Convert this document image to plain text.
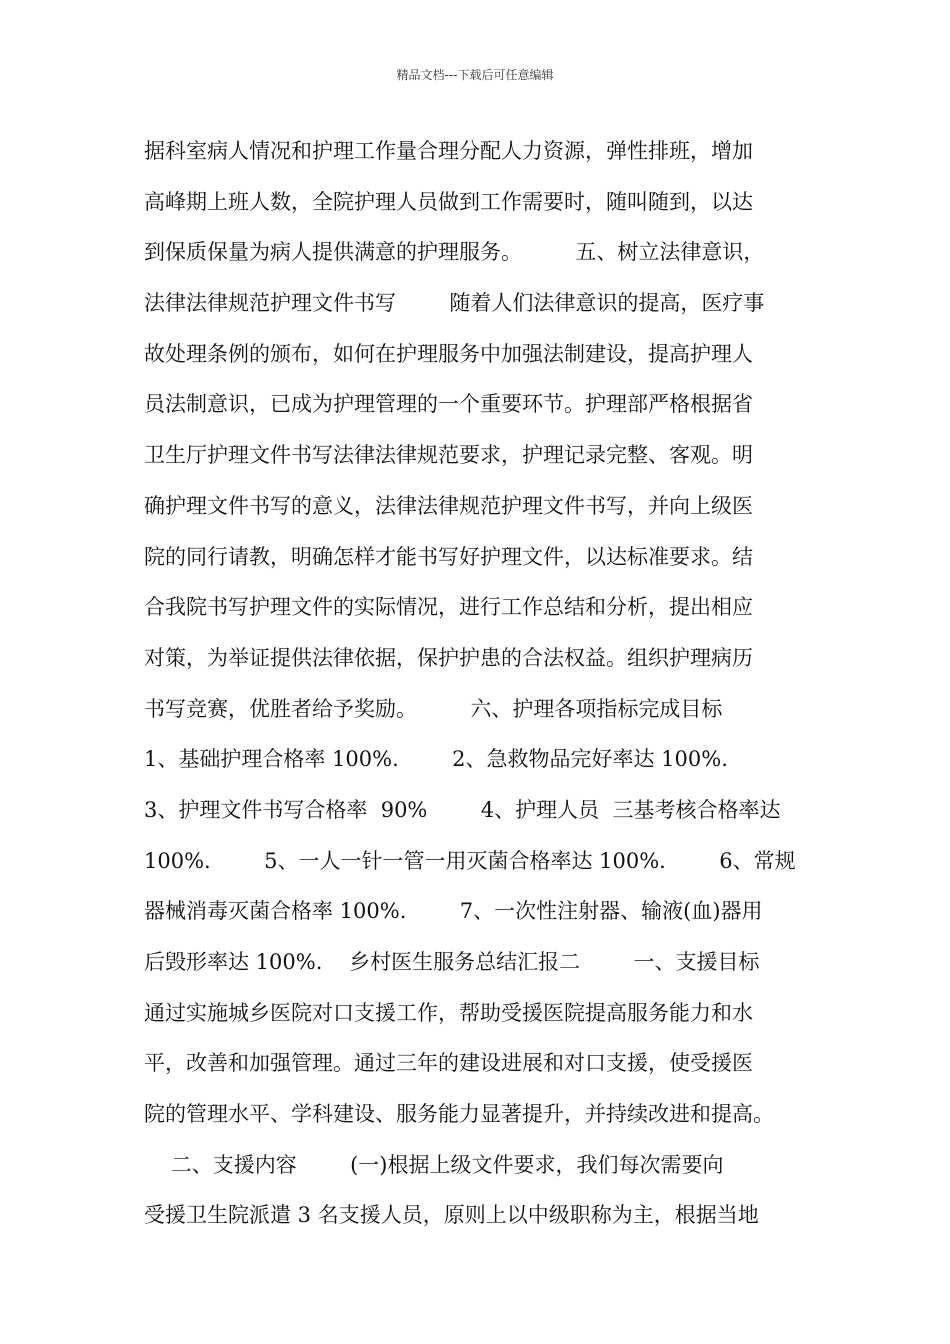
精品文档---下载后可任意编辑
据科室病人情况和护理工作量合理分配人力资源，弹性排班，增加
高峰期上班人数，全院护理人员做到工作需要时，随叫随到，以达
到保质保量为病人提供满意的护理服务。        五、树立法律意识，
法律法律规范护理文件书写        随着人们法律意识的提高，医疗事
故处理条例的颁布，如何在护理服务中加强法制建设，提高护理人
员法制意识，已成为护理管理的一个重要环节。护理部严格根据省
卫生厅护理文件书写法律法律规范要求，护理记录完整、客观。明
确护理文件书写的意义，法律法律规范护理文件书写，并向上级医
院的同行请教，明确怎样才能书写好护理文件，以达标准要求。结
合我院书写护理文件的实际情况，进行工作总结和分析，提出相应
对策，为举证提供法律依据，保护护患的合法权益。组织护理病历
书写竞赛，优胜者给予奖励。        六、护理各项指标完成目标
1、基础护理合格率 100%.        2、急救物品完好率达 100%.
3、护理文件书写合格率  90%        4、护理人员  三基考核合格率达
100%.        5、一人一针一管一用灭菌合格率达 100%.        6、常规
器械消毒灭菌合格率 100%.        7、一次性注射器、输液(血)器用
后毁形率达 100%.    乡村医生服务总结汇报二        一、支援目标
通过实施城乡医院对口支援工作，帮助受援医院提高服务能力和水
平，改善和加强管理。通过三年的建设进展和对口支援，使受援医
院的管理水平、学科建设、服务能力显著提升，并持续改进和提高。
二、支援内容        (一)根据上级文件要求，我们每次需要向
受援卫生院派遣 3 名支援人员，原则上以中级职称为主，根据当地
